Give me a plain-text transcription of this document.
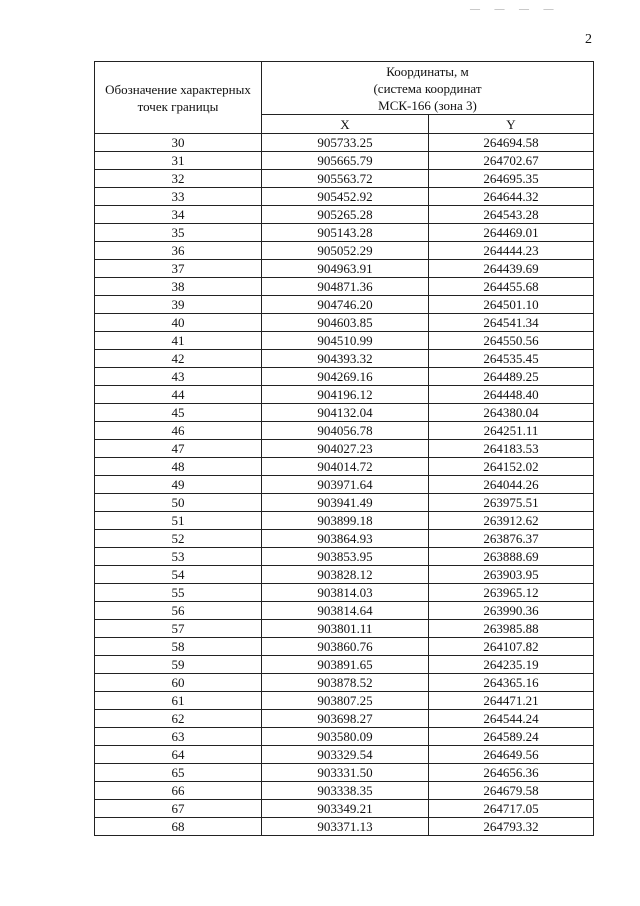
— — — —
2
Обозначение характерных точек границы	Координаты, м
(система координат
МСК-166 (зона 3)	

	X	Y
30	905733.25	264694.58
31	905665.79	264702.67
32	905563.72	264695.35
33	905452.92	264644.32
34	905265.28	264543.28
35	905143.28	264469.01
36	905052.29	264444.23
37	904963.91	264439.69
38	904871.36	264455.68
39	904746.20	264501.10
40	904603.85	264541.34
41	904510.99	264550.56
42	904393.32	264535.45
43	904269.16	264489.25
44	904196.12	264448.40
45	904132.04	264380.04
46	904056.78	264251.11
47	904027.23	264183.53
48	904014.72	264152.02
49	903971.64	264044.26
50	903941.49	263975.51
51	903899.18	263912.62
52	903864.93	263876.37
53	903853.95	263888.69
54	903828.12	263903.95
55	903814.03	263965.12
56	903814.64	263990.36
57	903801.11	263985.88
58	903860.76	264107.82
59	903891.65	264235.19
60	903878.52	264365.16
61	903807.25	264471.21
62	903698.27	264544.24
63	903580.09	264589.24
64	903329.54	264649.56
65	903331.50	264656.36
66	903338.35	264679.58
67	903349.21	264717.05
68	903371.13	264793.32
